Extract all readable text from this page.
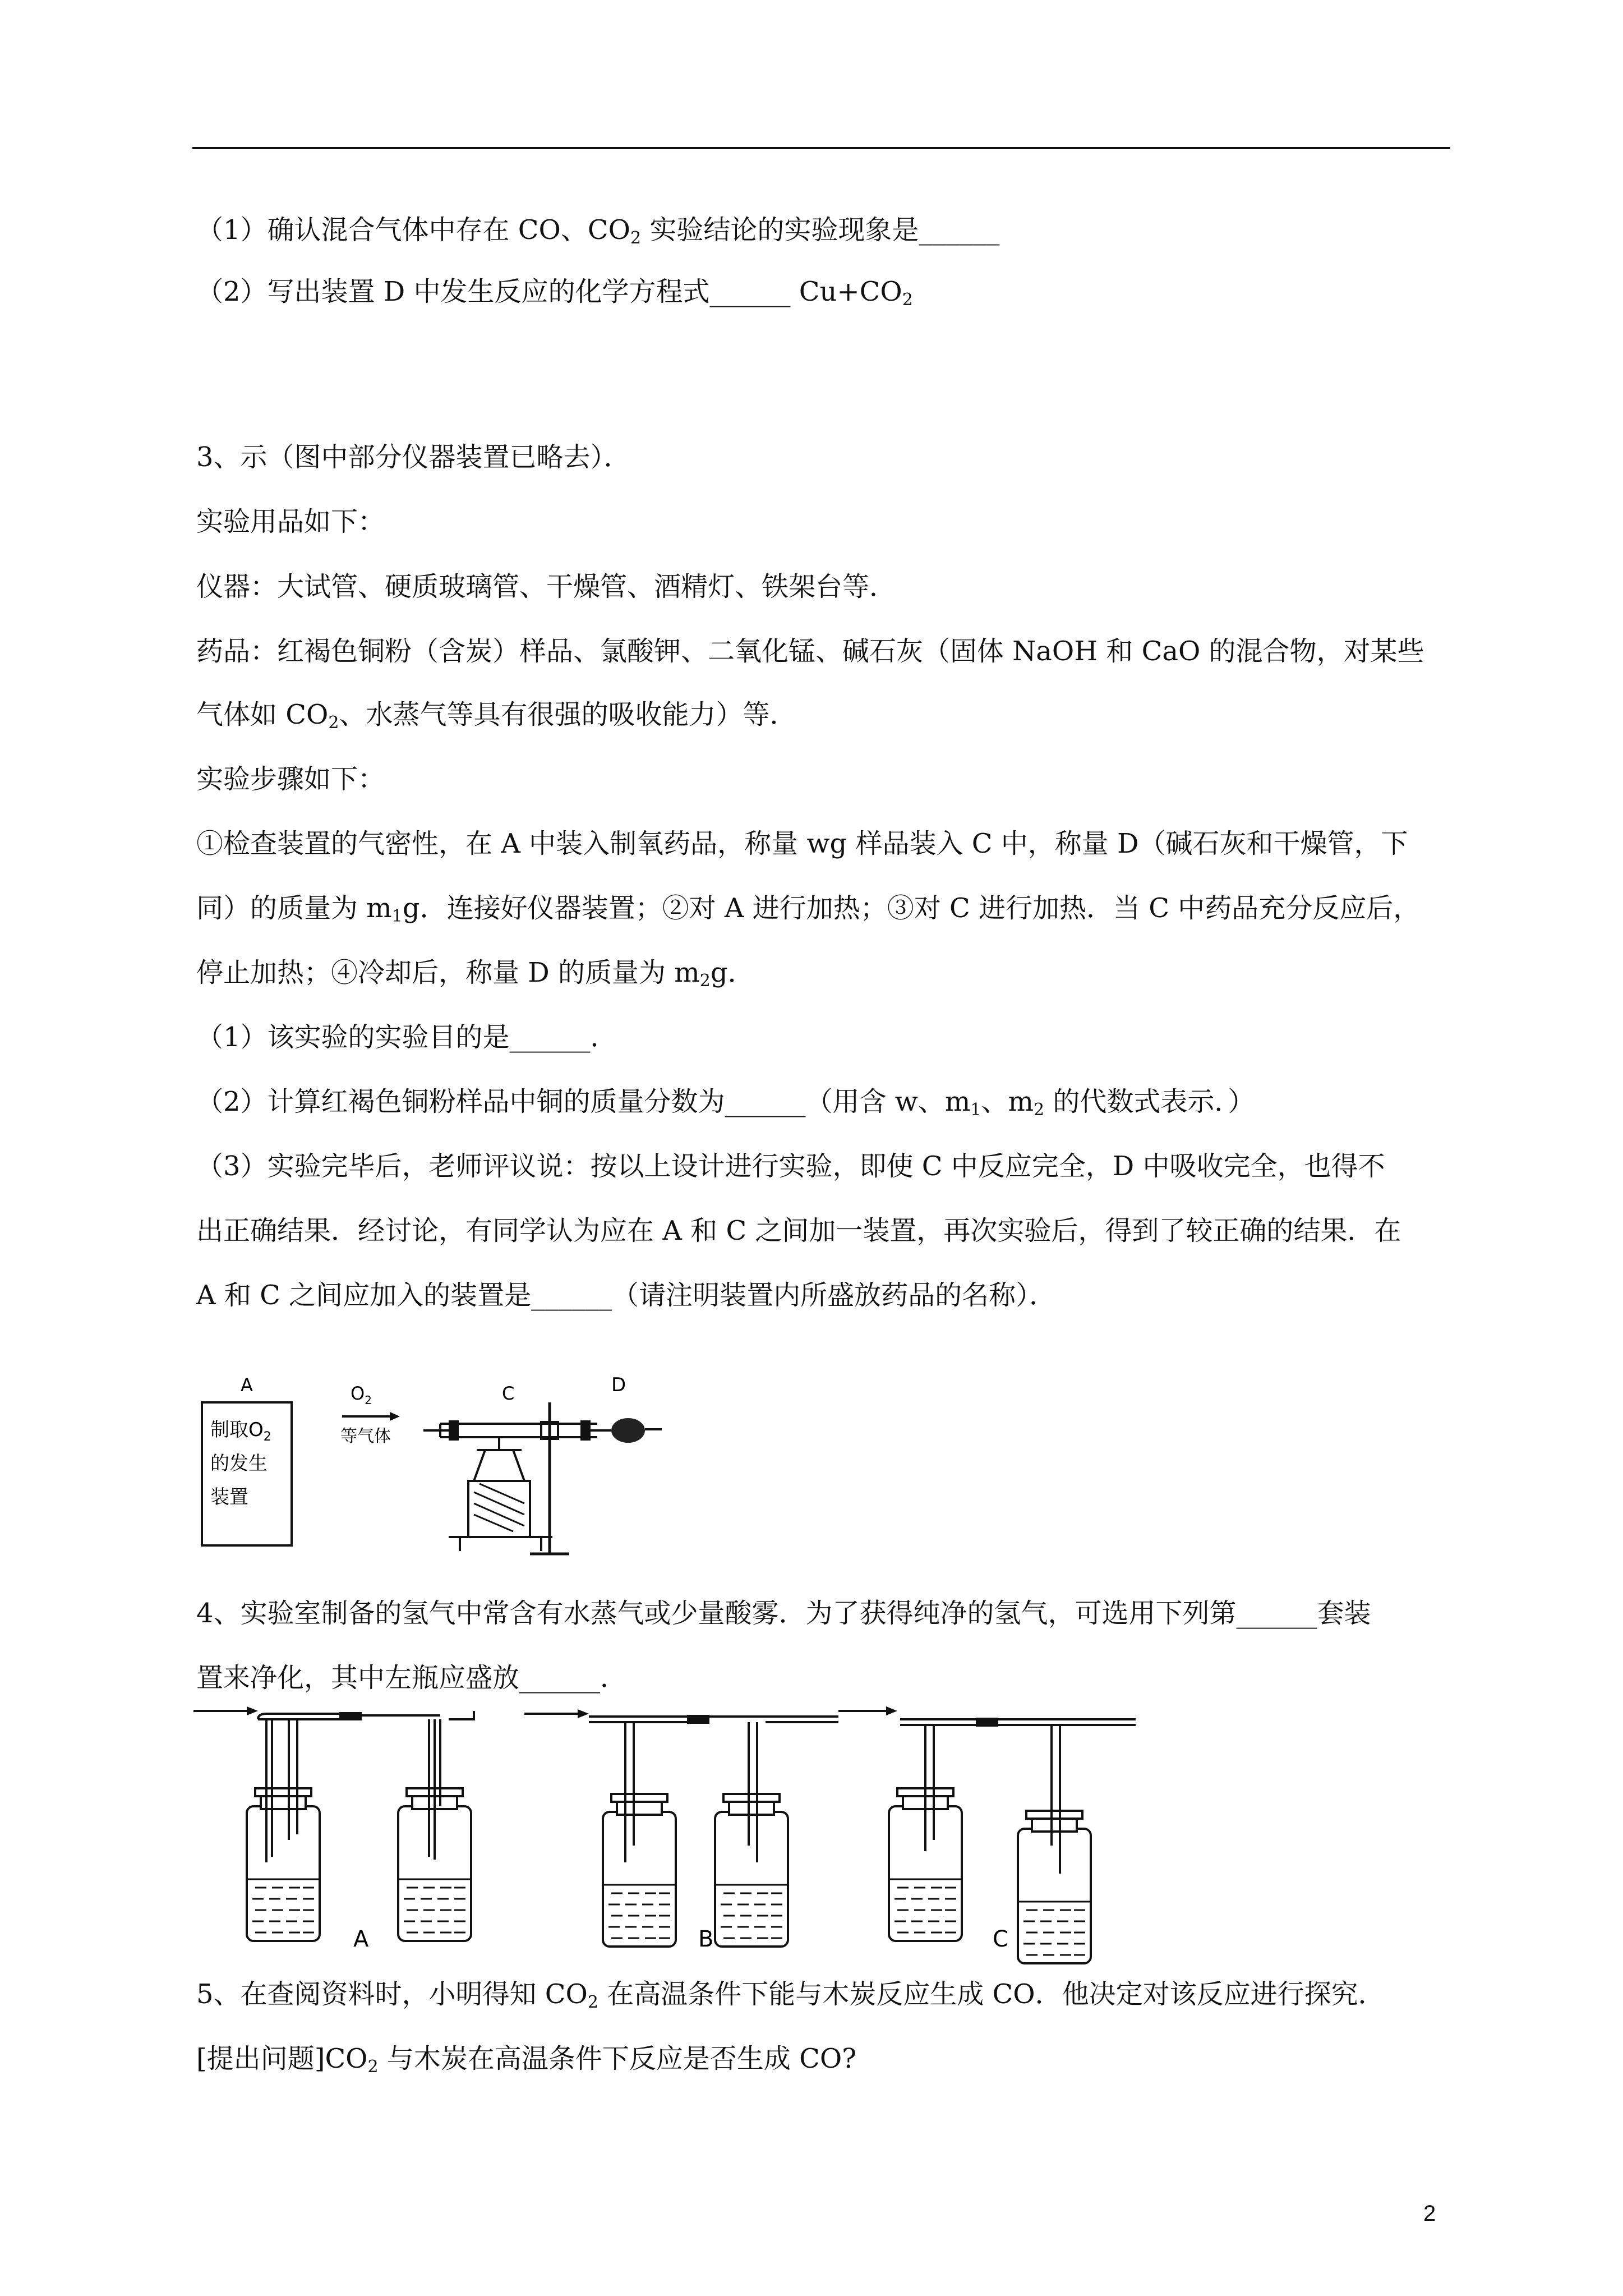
（1）确认混合气体中存在 CO、$CO_2$ 实验结论的实验现象是______
（2）写出装置 D 中发生反应的化学方程式______ $Cu+CO_2$
3、示（图中部分仪器装置已略去）．
实验用品如下：
仪器：大试管、硬质玻璃管、干燥管、酒精灯、铁架台等．
药品：红褐色铜粉（含炭）样品、氯酸钾、二氧化锰、碱石灰（固体 NaOH 和 CaO 的混合物，对某些
气体如 $CO_2$、水蒸气等具有很强的吸收能力）等．
实验步骤如下：
①检查装置的气密性，在 A 中装入制氧药品，称量 wg 样品装入 C 中，称量 D（碱石灰和干燥管，下
同）的质量为 $m_1g$．连接好仪器装置；②对 A 进行加热；③对 C 进行加热．当 C 中药品充分反应后，
停止加热；④冷却后，称量 D 的质量为 $m_2g$．
（1）该实验的实验目的是______．
（2）计算红褐色铜粉样品中铜的质量分数为______（用含 w、$m_1$、$m_2$ 的代数式表示．）
（3）实验完毕后，老师评议说：按以上设计进行实验，即使 C 中反应完全，D 中吸收完全，也得不
出正确结果．经讨论，有同学认为应在 A 和 C 之间加一装置，再次实验后，得到了较正确的结果．在
A 和 C 之间应加入的装置是______（请注明装置内所盛放药品的名称）．
A
制取$O_2$
的发生
装置
$O_2$
等气体
C	D
4、实验室制备的氢气中常含有水蒸气或少量酸雾．为了获得纯净的氢气，可选用下列第______套装
置来净化，其中左瓶应盛放______．
A	B	C
5、在查阅资料时，小明得知 $CO_2$ 在高温条件下能与木炭反应生成 CO．他决定对该反应进行探究．
[提出问题]$CO_2$ 与木炭在高温条件下反应是否生成 CO?
2
